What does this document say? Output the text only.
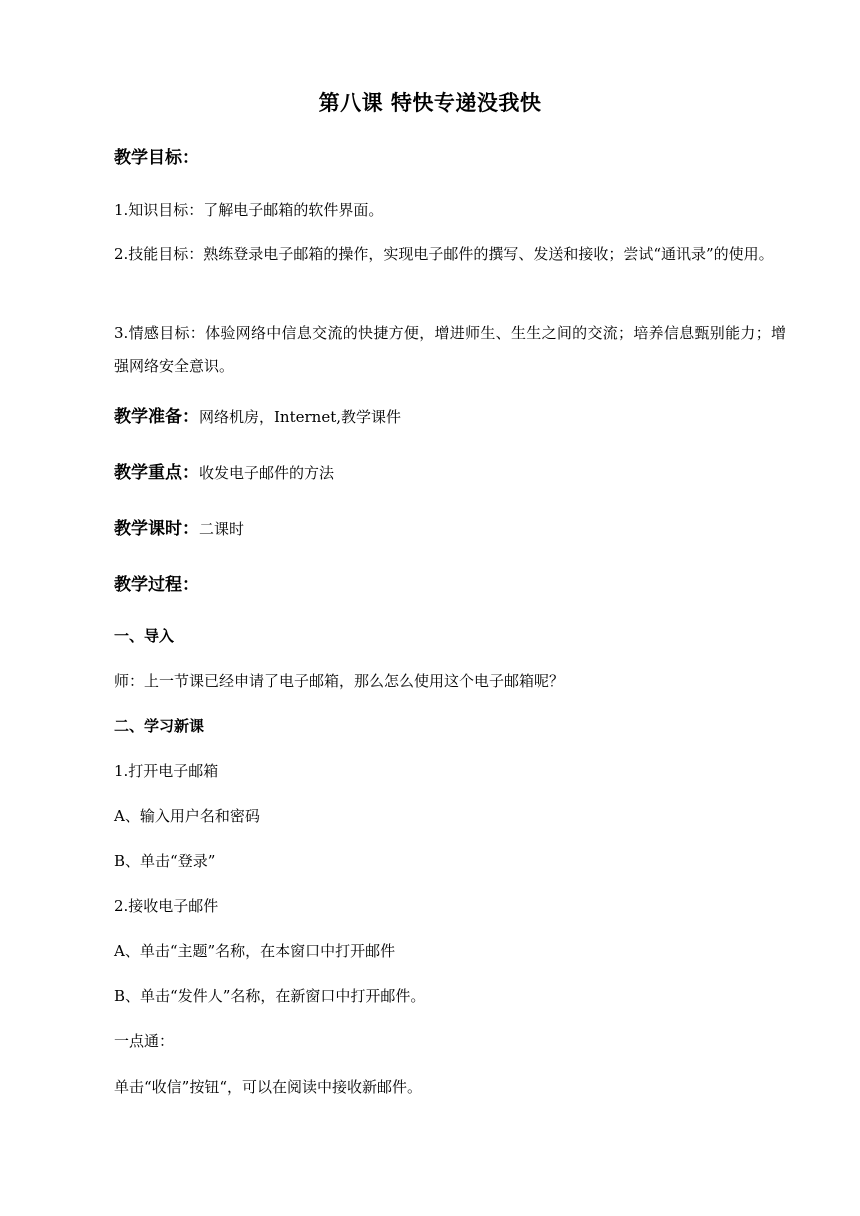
第八课 特快专递没我快
教学目标：
1.知识目标：了解电子邮箱的软件界面。
2.技能目标：熟练登录电子邮箱的操作，实现电子邮件的撰写、发送和接收；尝试“通讯录”的使用。
3.情感目标：体验网络中信息交流的快捷方便，增进师生、生生之间的交流；培养信息甄别能力；增强网络安全意识。
教学准备：网络机房，Internet,教学课件
教学重点：收发电子邮件的方法
教学课时：二课时
教学过程：
一、导入
师：上一节课已经申请了电子邮箱，那么怎么使用这个电子邮箱呢？
二、学习新课
1.打开电子邮箱
A、输入用户名和密码
B、单击“登录”
2.接收电子邮件
A、单击“主题”名称，在本窗口中打开邮件
B、单击“发件人”名称，在新窗口中打开邮件。
一点通：
单击“收信”按钮“，可以在阅读中接收新邮件。
